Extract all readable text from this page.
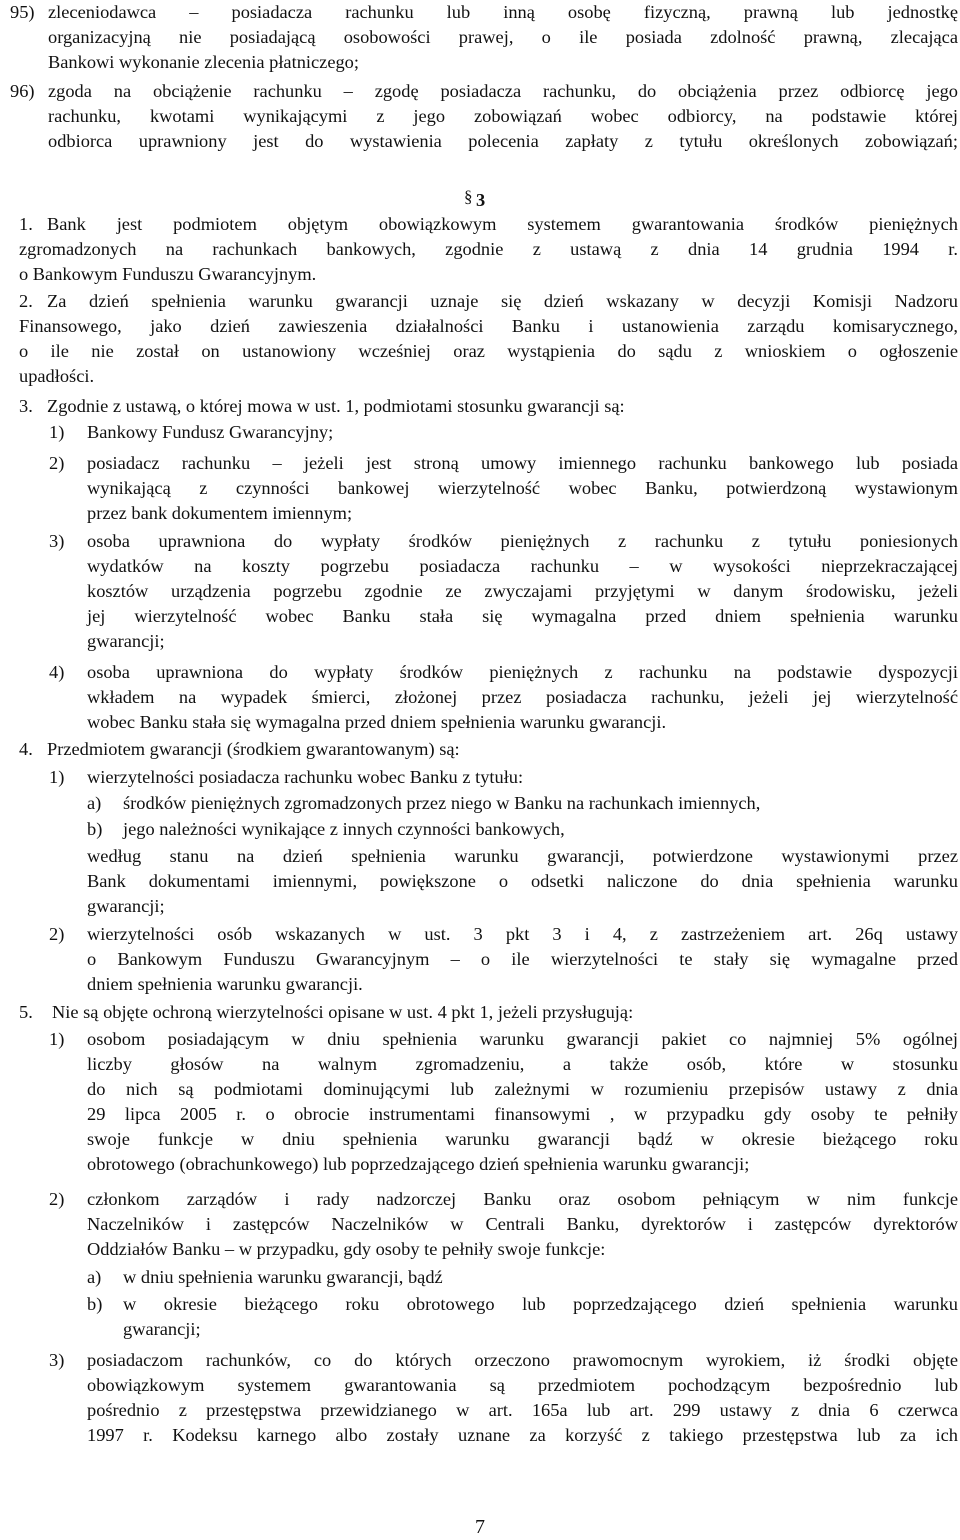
95) zleceniodawca – posiadacza rachunku lub inną osobę fizyczną, prawną lub jednostkę
organizacyjną nie posiadającą osobowości prawej, o ile posiada zdolność prawną, zlecająca
Bankowi wykonanie zlecenia płatniczego;
96) zgoda na obciążenie rachunku – zgodę posiadacza rachunku, do obciążenia przez odbiorcę jego
rachunku, kwotami wynikającymi z jego zobowiązań wobec odbiorcy, na podstawie której
odbiorca uprawniony jest do wystawienia polecenia zapłaty z tytułu określonych zobowiązań;
§ 3
1. Bank jest podmiotem objętym obowiązkowym systemem gwarantowania środków pieniężnych
zgromadzonych na rachunkach bankowych, zgodnie z ustawą z dnia 14 grudnia 1994 r.
o Bankowym Funduszu Gwarancyjnym.
2. Za dzień spełnienia warunku gwarancji uznaje się dzień wskazany w decyzji Komisji Nadzoru
Finansowego, jako dzień zawieszenia działalności Banku i ustanowienia zarządu komisarycznego,
o ile nie został on ustanowiony wcześniej oraz wystąpienia do sądu z wnioskiem o ogłoszenie
upadłości.
3. Zgodnie z ustawą, o której mowa w ust. 1, podmiotami stosunku gwarancji są:
1) Bankowy Fundusz Gwarancyjny;
2) posiadacz rachunku – jeżeli jest stroną umowy imiennego rachunku bankowego lub posiada
wynikającą z czynności bankowej wierzytelność wobec Banku, potwierdzoną wystawionym
przez bank dokumentem imiennym;
3) osoba uprawniona do wypłaty środków pieniężnych z rachunku z tytułu poniesionych
wydatków na koszty pogrzebu posiadacza rachunku – w wysokości nieprzekraczającej
kosztów urządzenia pogrzebu zgodnie ze zwyczajami przyjętymi w danym środowisku, jeżeli
jej wierzytelność wobec Banku stała się wymagalna przed dniem spełnienia warunku
gwarancji;
4) osoba uprawniona do wypłaty środków pieniężnych z rachunku na podstawie dyspozycji
wkładem na wypadek śmierci, złożonej przez posiadacza rachunku, jeżeli jej wierzytelność
wobec Banku stała się wymagalna przed dniem spełnienia warunku gwarancji.
4. Przedmiotem gwarancji (środkiem gwarantowanym) są:
1) wierzytelności posiadacza rachunku wobec Banku z tytułu:
a) środków pieniężnych zgromadzonych przez niego w Banku na rachunkach imiennych,
b) jego należności wynikające z innych czynności bankowych,
według stanu na dzień spełnienia warunku gwarancji, potwierdzone wystawionymi przez
Bank dokumentami imiennymi, powiększone o odsetki naliczone do dnia spełnienia warunku
gwarancji;
2) wierzytelności osób wskazanych w ust. 3 pkt 3 i 4, z zastrzeżeniem art. 26q ustawy
o Bankowym Funduszu Gwarancyjnym – o ile wierzytelności te stały się wymagalne przed
dniem spełnienia warunku gwarancji.
5. Nie są objęte ochroną wierzytelności opisane w ust. 4 pkt 1, jeżeli przysługują:
1) osobom posiadającym w dniu spełnienia warunku gwarancji pakiet co najmniej 5% ogólnej
liczby głosów na walnym zgromadzeniu, a także osób, które w stosunku
do nich są podmiotami dominującymi lub zależnymi w rozumieniu przepisów ustawy z dnia
29 lipca 2005 r. o obrocie instrumentami finansowymi , w przypadku gdy osoby te pełniły
swoje funkcje w dniu spełnienia warunku gwarancji bądź w okresie bieżącego roku
obrotowego (obrachunkowego) lub poprzedzającego dzień spełnienia warunku gwarancji;
2) członkom zarządów i rady nadzorczej Banku oraz osobom pełniącym w nim funkcje
Naczelników i zastępców Naczelników w Centrali Banku, dyrektorów i zastępców dyrektorów
Oddziałów Banku – w przypadku, gdy osoby te pełniły swoje funkcje:
a) w dniu spełnienia warunku gwarancji, bądź
b) w okresie bieżącego roku obrotowego lub poprzedzającego dzień spełnienia warunku
gwarancji;
3) posiadaczom rachunków, co do których orzeczono prawomocnym wyrokiem, iż środki objęte
obowiązkowym systemem gwarantowania są przedmiotem pochodzącym bezpośrednio lub
pośrednio z przestępstwa przewidzianego w art. 165a lub art. 299 ustawy z dnia 6 czerwca
1997 r. Kodeksu karnego albo zostały uznane za korzyść z takiego przestępstwa lub za ich
7
